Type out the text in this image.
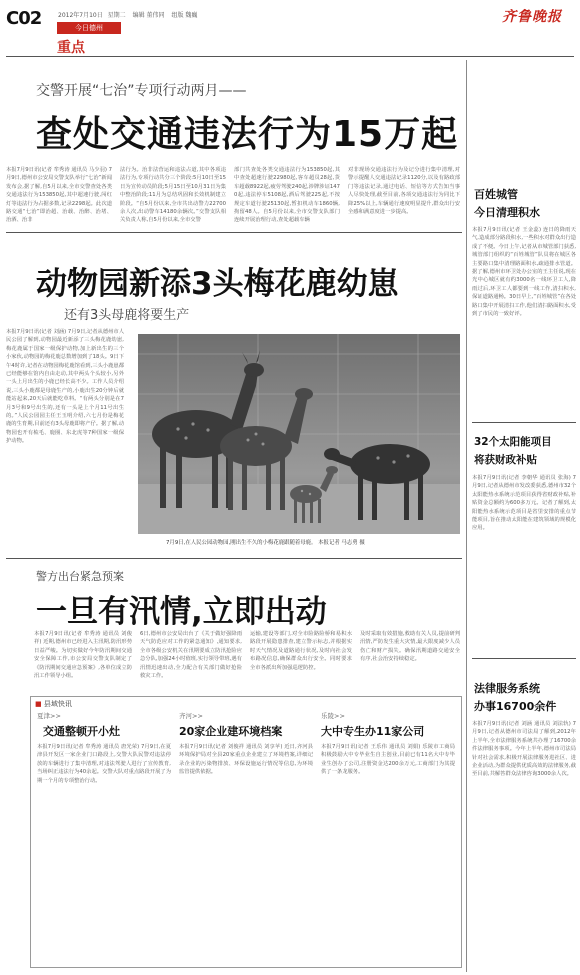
C02	2012年7月10日 星期二 编辑 董伟同 组版 魏巍
今日德州
重点
齐鲁晚报
交警开展“七治”专项行动两月——
查处交通违法行为15万起
本报7月9日讯(记者 牟秀涛 通讯员 马少羽) 7月9日,德州市公安局交警支队举行“七治”新闻发布会,据了解,自5月以来,全市交警查处各类交通违法行为153850起,其中超速行驶,闯红灯等违法行为占据多数,记录2298起。此次道路交通“七治”即治超、治载、治醉、治堵、治酒、治非
法行为。治非法营运和违法占道,其中各项违法行为,专项行动共分三个阶段:5月10日至15日为宣传动员阶段;5月15日至10月31日为集中整治阶段;11月为总结巩固和长效机制建立阶段。“自5月份以来,全市共出动警力22700余人次,出动警车14180余辆次。”交警支队相关负责人称,自5月份以来,全市交警
部门共查处各类交通违法行为153850起,其中查处超速行驶22980起,客车超员28起,货车超载8922起,疲劳驾驶240起,涉牌涉证1470起,违法停车5108起,酒后驾驶225起,不按规定车道行驶25130起,暂扣机动车1860辆,拘留48人。自5月份以来,全市交警支队部门连续开展治理行动,查处超载车辆
对非现场交通违法行为及记分进行集中清理,对警示提醒人交通违法记录1120分,以及有路政部门等违法记录,通过电话、短信等方式告知当事人尽快处理,截至目前,各项交通违法行为同比下降25%以上,车辆通行速度明显提升,群众出行安全感和满意度进一步提高。
动物园新添3头梅花鹿幼崽
还有3头母鹿将要生产
本报7月9日讯(记者 刘涵) 7月9日,记者从德州市人民公园了解到,动物园最近新添了三头梅花鹿幼崽,梅花鹿属于国家一级保护动物,加上新出生的三个小家伙,动物园的梅花鹿总数增加到了18头。9日下午4时许,记者在动物园梅花鹿馆看到,三头小鹿崽都已经能够在馆内自由走动,其中两头个头较小,另外一头上月出生的小鹿已经长高不少。工作人员介绍说,三头小鹿都是母鹿生产的,小鹿出生20分钟后就能站起来,20天后就能吃草料。“有两头分别是在7月3号和9号出生的,还有一头是上个月11号出生的。”人民公园园主任王玉明介绍,六七月份是梅花鹿的生育期,目前还有3头母鹿即将产仔。据了解,动物园也开有梳毛、鹿圈、东北虎等7种国家一级保护动物。
7月9日,在人民公园动物园,刚出生不久的小梅花鹿跟随着母鹿。 本报记者 马志勇 摄
警方出台紧急预案
一旦有汛情,立即出动
本报7月9日讯(记者 牟秀涛 通讯员 刘俊祥) 近期,德州市已经进入主汛期,防汛形势日益严峻。为切实做好今年防汛期间交通安全保障工作,市公安局交警支队制定了《防汛期间交通应急预案》,各单位成立防汛工作领导小组。
6日,德州市公安局出台了《关于做好强降雨天气防范应对工作的紧急通知》,通知要求,全市各级公安机关在汛期要成立防汛抢险应急分队,加强24小时值班,实行领导带班,遇有汛情迅速出动,全力配合有关部门做好抢险救灾工作。
运输,建设等部门,对全市险路险桥和易积水路段开展隐患排查,建立警示标志,并根据实时天气情况及道路通行状况,及时向社会发布路况信息,确保群众出行安全。同时要求全市各派出所加强巡逻防控。
及时采取有效措施,救助有关人员,提前研判汛情,严防发生重大灾情,最大限度减少人员伤亡和财产损失。确保汛期道路交通安全有序,社会治安持续稳定。
■ 县域快讯
夏津>>
交通整顿开小灶
本报7月9日讯(记者 牟秀涛 通讯员 唐光荣) 7月9日,在夏津县开发区一家企业门口路段上,交警大队民警对违法停放的车辆进行了集中清理,对违法驾驶人进行了宣传教育,当场纠正违法行为40余起。交警大队对重点路段开展了为期一个月的专项整治行动。
齐河>>
20家企业建环境档案
本报7月9日讯(记者 刘俊祥 通讯员 刘享苹) 近日,齐河县环境保护局对全县20家重点企业建立了环境档案,详细记录企业的污染物排放、环保设施运行情况等信息,为环境监管提供依据。
乐陵>>
大中专生办11家公司
本报7月9日讯(记者 王乐伟 通讯员 刘娟) 乐陵市工商局积极鼓励大中专毕业生自主创业,目前已有11名大中专毕业生创办了公司,注册资金达200余万元,工商部门为其提供了一条龙服务。
百姓城管
今日清理积水
本报7月9日讯(记者 王金蕊) 连日的降雨天气,造成部分路段积水,一些积水对群众出行造成了不便。今日上午,记者从市城管部门获悉,城管部门组织的“百姓城管”队员将在城区各主要路口集中清理路面积水,疏通排水管道。据了解,德州市环卫处办公室的王主任说,现在光中心城区就有约3000名一线环卫工人,降雨过后,环卫工人都要到一线工作,清扫积水,保证道路通畅。30日早上,“百姓城管”在各处路口集中开展清扫工作,他们清扫路面积水,受到了市民的一致好评。
32个太阳能项目
将获财政补贴
本报7月9日讯(记者 李朝华 通讯员 张海) 7月9日,记者从德州市发改委获悉,德州市32个太阳能热水系统示范项目获得省财政补贴,补贴资金总额约为600多万元。记者了解到,太阳能热水系统示范项目是省里安排的重点节能项目,旨在推动太阳能在建筑领域的规模化应用。
法律服务系统
办事16700余件
本报7月9日讯(记者 刘涵 通讯员 刘法轨) 7月9日,记者从德州市司法局了解到,2012年上半年,全市法律服务系统共办理了16700余件法律服务事项。今年上半年,德州市司法局针对社会需求,积极开展法律服务进社区、进企业活动,为群众提供优质高效的法律服务,截至目前,共解答群众法律咨询3000余人次。
